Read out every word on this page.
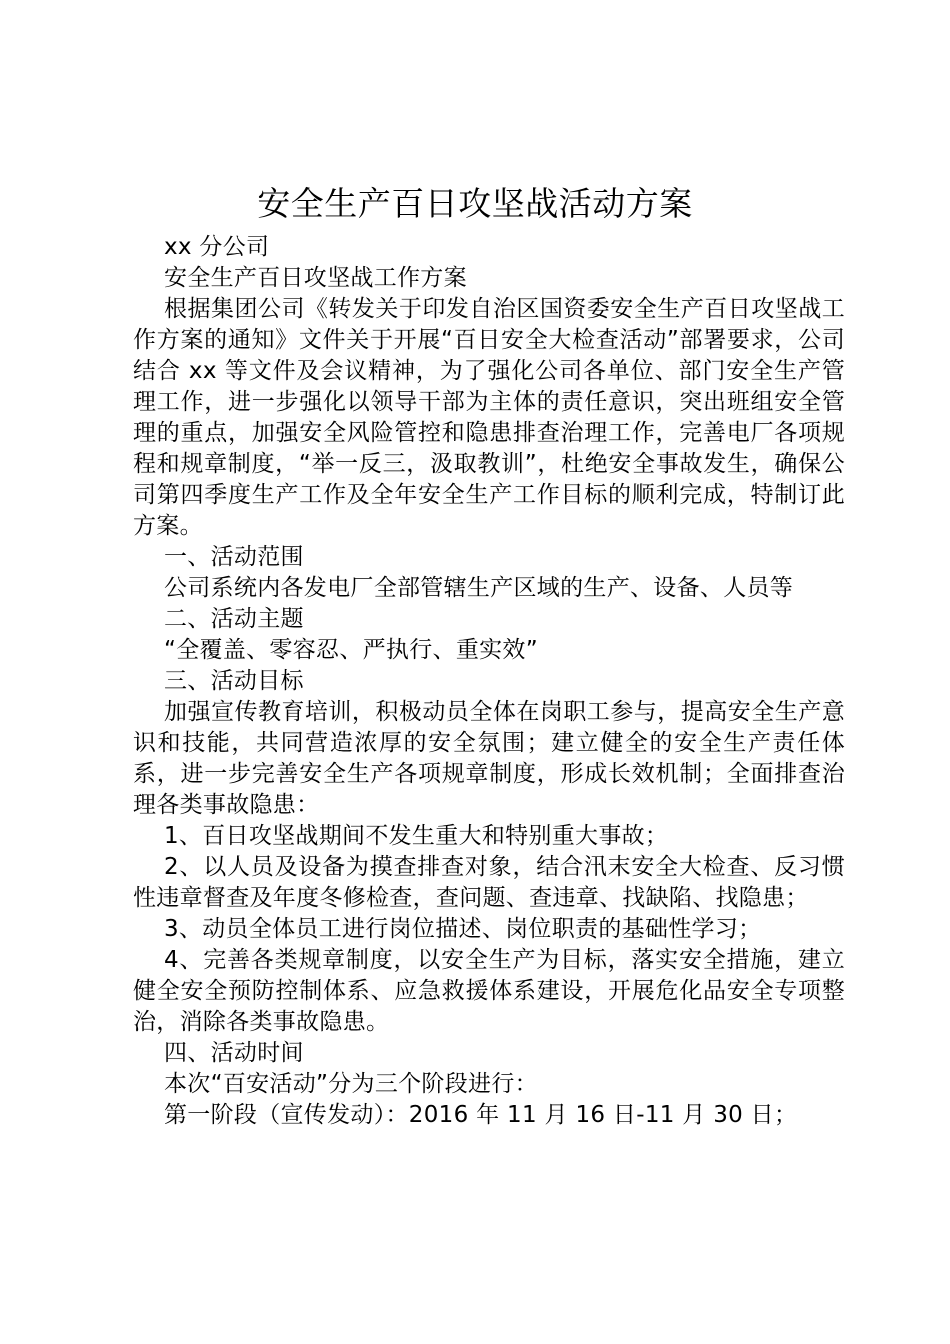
安全生产百日攻坚战活动方案

xx 分公司

安全生产百日攻坚战工作方案

根据集团公司《转发关于印发自治区国资委安全生产百日攻坚战工作方案的通知》文件关于开展“百日安全大检查活动”部署要求，公司结合 xx 等文件及会议精神，为了强化公司各单位、部门安全生产管理工作，进一步强化以领导干部为主体的责任意识，突出班组安全管理的重点，加强安全风险管控和隐患排查治理工作，完善电厂各项规程和规章制度，“举一反三，汲取教训”，杜绝安全事故发生，确保公司第四季度生产工作及全年安全生产工作目标的顺利完成，特制订此方案。

一、活动范围

公司系统内各发电厂全部管辖生产区域的生产、设备、人员等

二、活动主题

“全覆盖、零容忍、严执行、重实效”

三、活动目标

加强宣传教育培训，积极动员全体在岗职工参与，提高安全生产意识和技能，共同营造浓厚的安全氛围；建立健全的安全生产责任体系，进一步完善安全生产各项规章制度，形成长效机制；全面排查治理各类事故隐患：

1、百日攻坚战期间不发生重大和特别重大事故；

2、以人员及设备为摸查排查对象，结合汛末安全大检查、反习惯性违章督查及年度冬修检查，查问题、查违章、找缺陷、找隐患；

3、动员全体员工进行岗位描述、岗位职责的基础性学习；

4、完善各类规章制度，以安全生产为目标，落实安全措施，建立健全安全预防控制体系、应急救援体系建设，开展危化品安全专项整治，消除各类事故隐患。

四、活动时间

本次“百安活动”分为三个阶段进行：

第一阶段（宣传发动）：2016 年 11 月 16 日-11 月 30 日；
